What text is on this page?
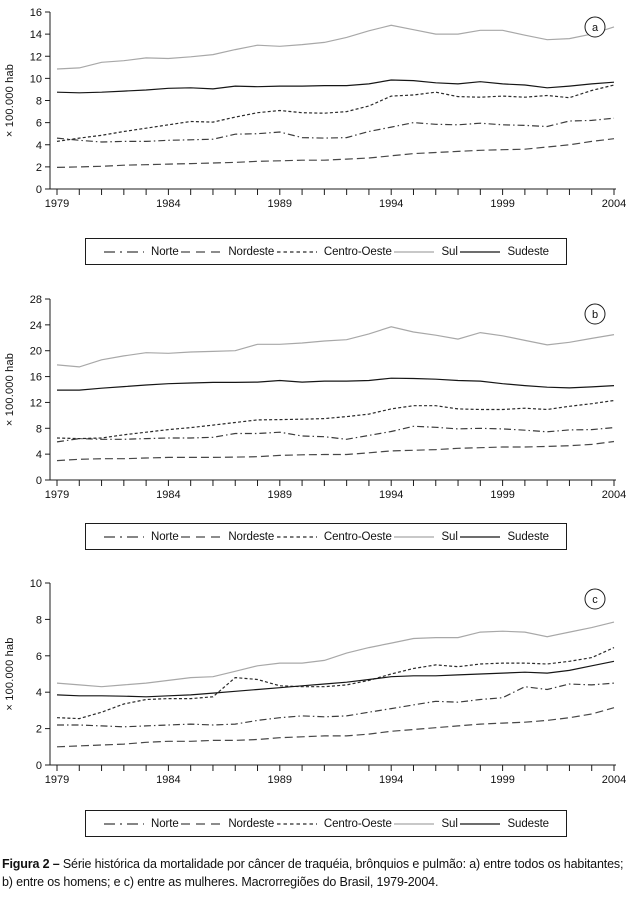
0
2
4
6
8
10
12
14
16
1979	1984	1989	1994	1999	2004
× 100.000 hab
a
Norte	Nordeste	Centro-Oeste	Sul	Sudeste
0
4
8
12
16
20
24
28
1979	1984	1989	1994	1999	2004
× 100.000 hab
b
Norte	Nordeste	Centro-Oeste	Sul	Sudeste
0
2
4
6
8
10
1979	1984	1989	1994	1999	2004
× 100.000 hab
c
Norte	Nordeste	Centro-Oeste	Sul	Sudeste

Figura 2 – Série histórica da mortalidade por câncer de traquéia, brônquios e pulmão: a) entre todos os habitantes; b) entre os homens; e c) entre as mulheres. Macrorregiões do Brasil, 1979-2004.
